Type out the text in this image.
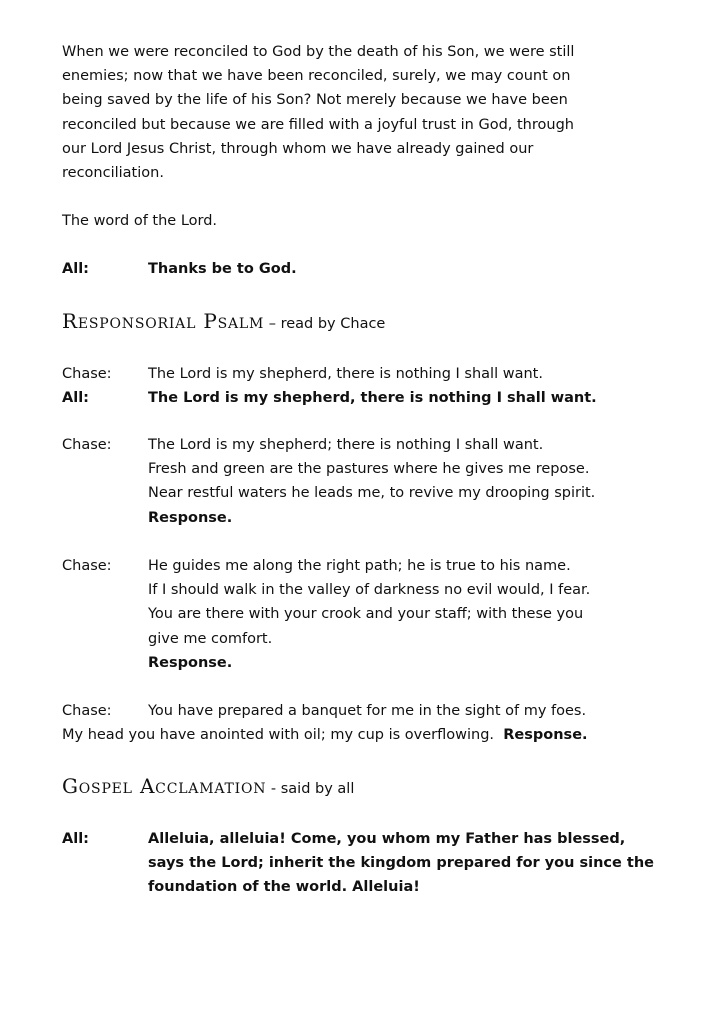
When we were reconciled to God by the death of his Son, we were still
enemies; now that we have been reconciled, surely, we may count on
being saved by the life of his Son? Not merely because we have been
reconciled but because we are filled with a joyful trust in God, through
our Lord Jesus Christ, through whom we have already gained our
reconciliation.
The word of the Lord.
All:	Thanks be to God.
Responsorial Psalm – read by Chace
Chase:	The Lord is my shepherd, there is nothing I shall want.
All:	The Lord is my shepherd, there is nothing I shall want.
Chase:	The Lord is my shepherd; there is nothing I shall want.
Fresh and green are the pastures where he gives me repose.
Near restful waters he leads me, to revive my drooping spirit.
Response.
Chase:	He guides me along the right path; he is true to his name.
If I should walk in the valley of darkness no evil would, I fear.
You are there with your crook and your staff; with these you
give me comfort.
Response.
Chase:	You have prepared a banquet for me in the sight of my foes.
My head you have anointed with oil; my cup is overflowing.  Response.
Gospel Acclamation - said by all
All:	Alleluia, alleluia! Come, you whom my Father has blessed,
says the Lord; inherit the kingdom prepared for you since the
foundation of the world. Alleluia!
